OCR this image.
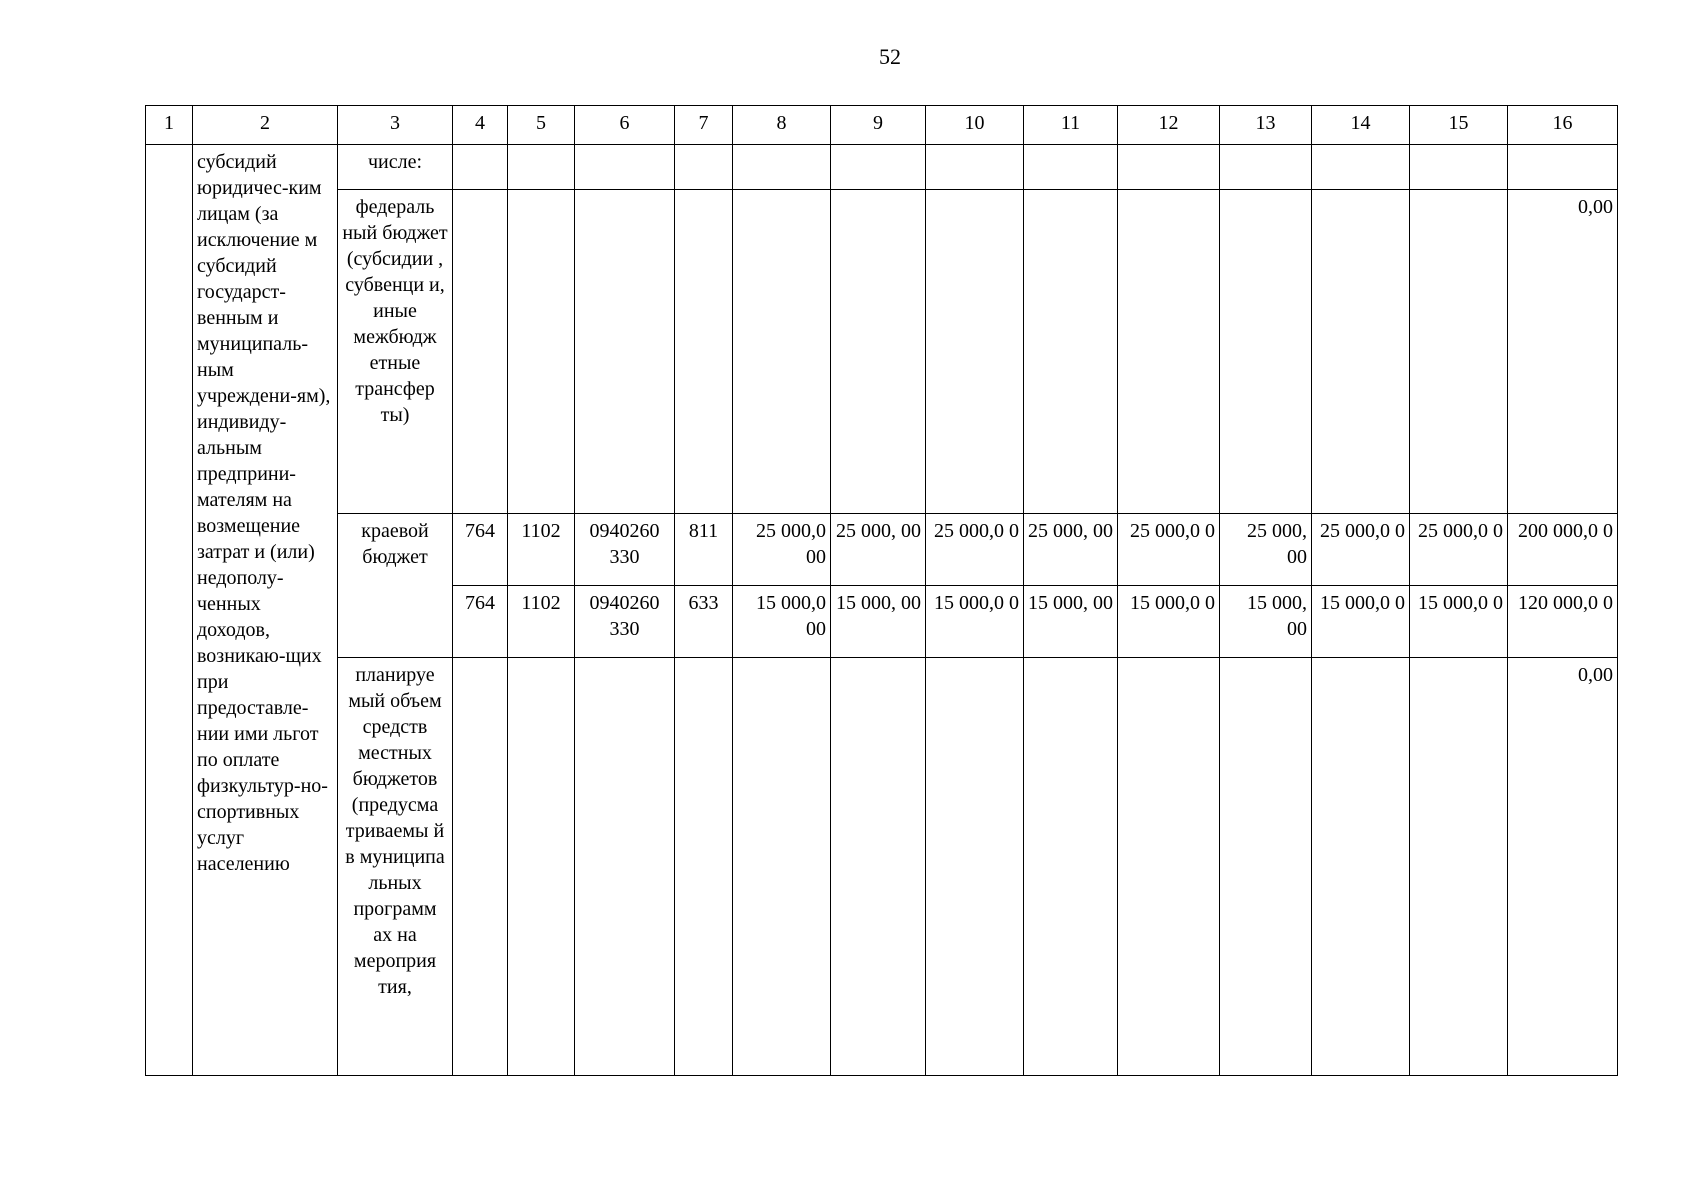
52
1	2	3	4	5	6	7	8	9	10	11	12	13	14	15	16
	субсидий юридичес-ким лицам (за исключение м субсидий государст-венным и муниципаль-ным учреждени-ям), индивиду-альным предприни-мателям на возмещение затрат и (или) недополу-ченных доходов, возникаю-щих при предоставле-нии ими льгот по оплате физкультур-но-спортивных услуг населению	числе:													
		федераль ный бюджет (субсидии , субвенци и, иные межбюдж етные трансфер ты)													0,00
		краевой бюджет	764	1102	0940260 330	811	25 000,0 00	25 000, 00	25 000,0 0	25 000, 00	25 000,0 0	25 000, 00	25 000,0 0	25 000,0 0	200 000,0 0
			764	1102	0940260 330	633	15 000,0 00	15 000, 00	15 000,0 0	15 000, 00	15 000,0 0	15 000, 00	15 000,0 0	15 000,0 0	120 000,0 0
		планируе мый объем средств местных бюджетов (предусма триваемы й в муниципа льных программ ах на мероприя тия,													0,00
